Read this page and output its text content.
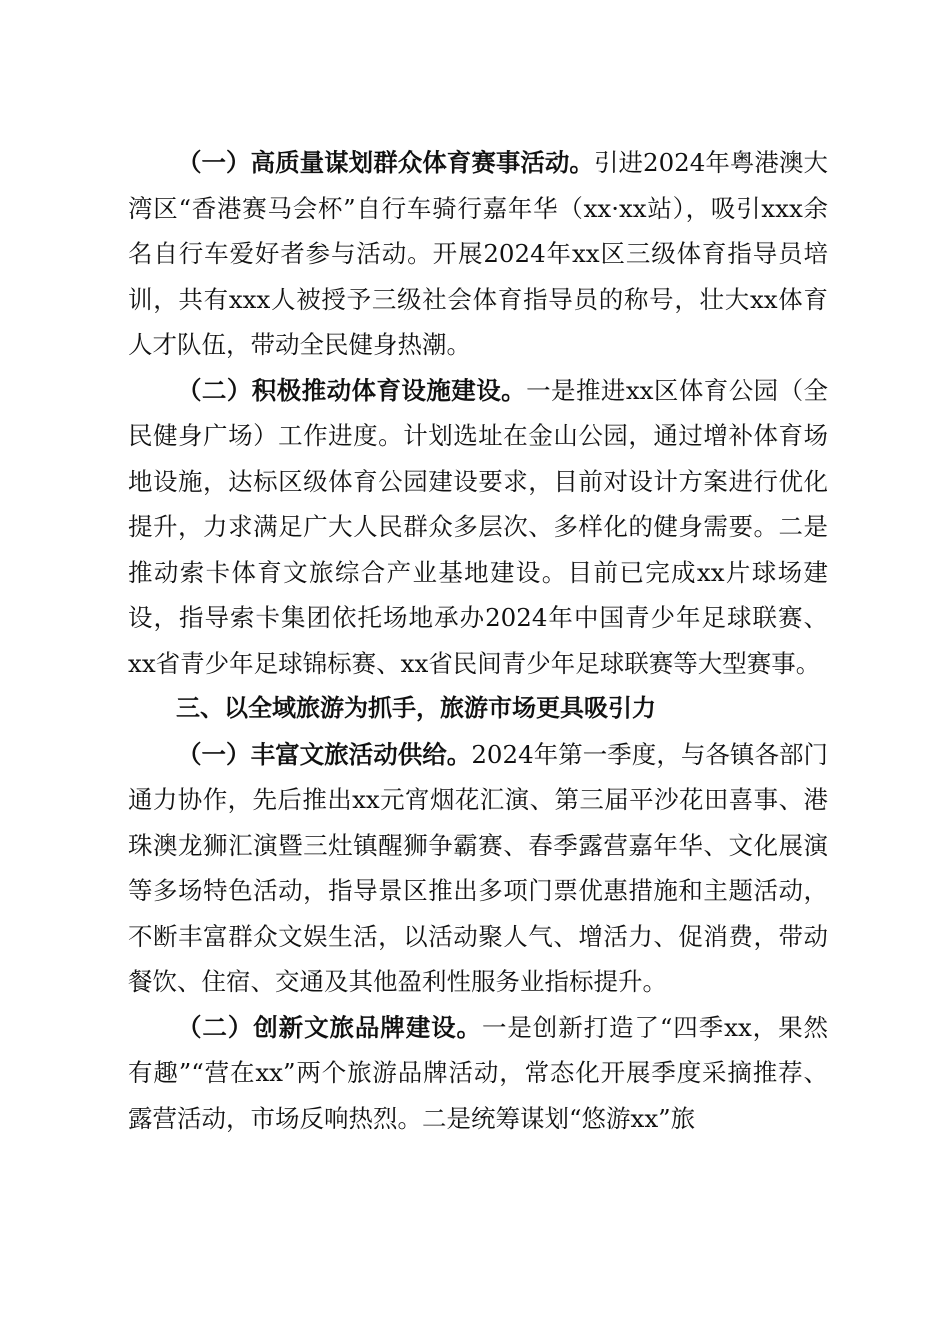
（一）高质量谋划群众体育赛事活动。引进2024年粤港澳大湾区“香港赛马会杯”自行车骑行嘉年华（xx·xx站），吸引xxx余名自行车爱好者参与活动。开展2024年xx区三级体育指导员培训，共有xxx人被授予三级社会体育指导员的称号，壮大xx体育人才队伍，带动全民健身热潮。

（二）积极推动体育设施建设。一是推进xx区体育公园（全民健身广场）工作进度。计划选址在金山公园，通过增补体育场地设施，达标区级体育公园建设要求，目前对设计方案进行优化提升，力求满足广大人民群众多层次、多样化的健身需要。二是推动索卡体育文旅综合产业基地建设。目前已完成xx片球场建设，指导索卡集团依托场地承办2024年中国青少年足球联赛、xx省青少年足球锦标赛、xx省民间青少年足球联赛等大型赛事。

三、以全域旅游为抓手，旅游市场更具吸引力

（一）丰富文旅活动供给。2024年第一季度，与各镇各部门通力协作，先后推出xx元宵烟花汇演、第三届平沙花田喜事、港珠澳龙狮汇演暨三灶镇醒狮争霸赛、春季露营嘉年华、文化展演等多场特色活动，指导景区推出多项门票优惠措施和主题活动，不断丰富群众文娱生活，以活动聚人气、增活力、促消费，带动餐饮、住宿、交通及其他盈利性服务业指标提升。

（二）创新文旅品牌建设。一是创新打造了“四季xx，果然有趣”“营在xx”两个旅游品牌活动，常态化开展季度采摘推荐、露营活动，市场反响热烈。二是统筹谋划“悠游xx”旅
